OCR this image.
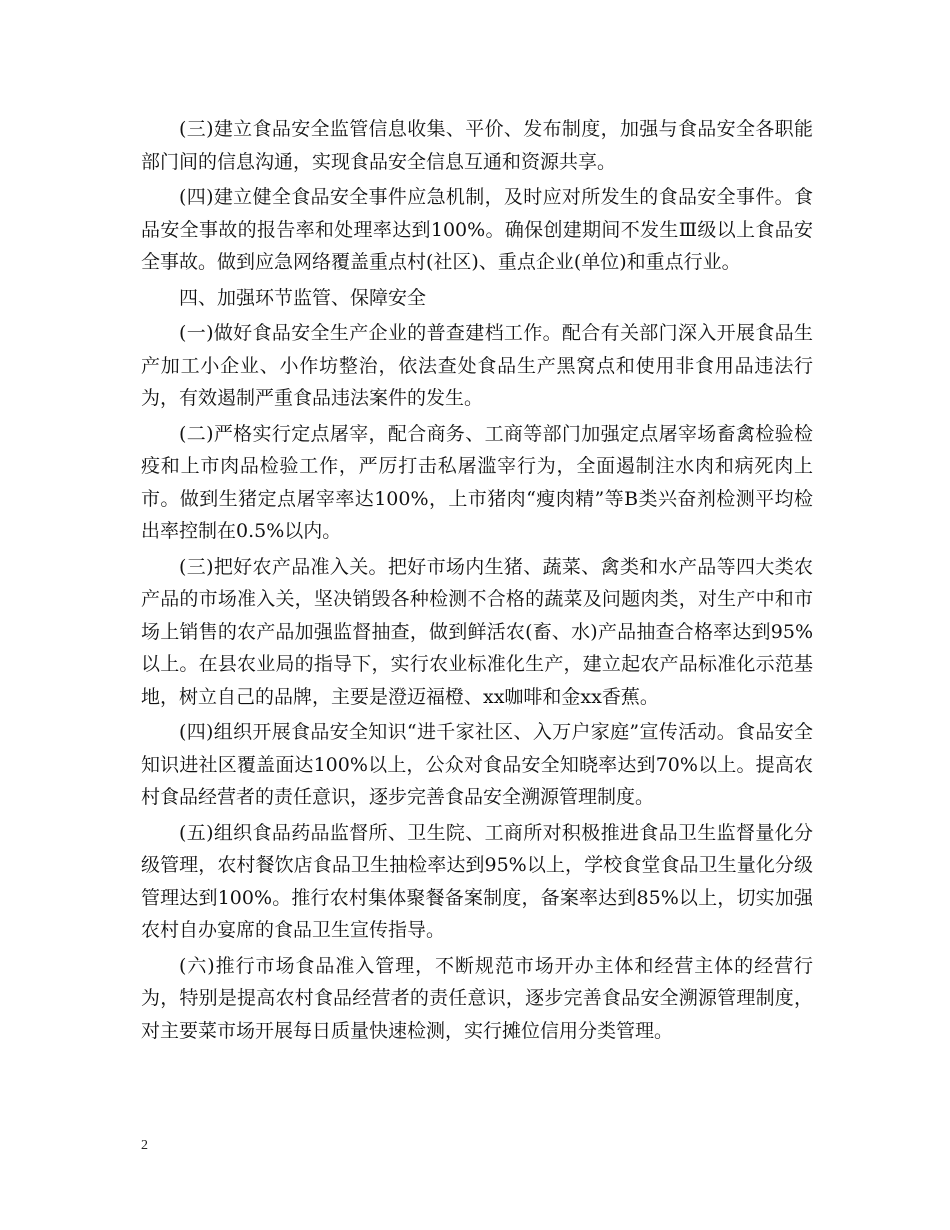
(三)建立食品安全监管信息收集、平价、发布制度，加强与食品安全各职能部门间的信息沟通，实现食品安全信息互通和资源共享。

(四)建立健全食品安全事件应急机制，及时应对所发生的食品安全事件。食品安全事故的报告率和处理率达到100%。确保创建期间不发生Ⅲ级以上食品安全事故。做到应急网络覆盖重点村(社区)、重点企业(单位)和重点行业。

四、加强环节监管、保障安全

(一)做好食品安全生产企业的普查建档工作。配合有关部门深入开展食品生产加工小企业、小作坊整治，依法查处食品生产黑窝点和使用非食用品违法行为，有效遏制严重食品违法案件的发生。

(二)严格实行定点屠宰，配合商务、工商等部门加强定点屠宰场畜禽检验检疫和上市肉品检验工作，严厉打击私屠滥宰行为，全面遏制注水肉和病死肉上市。做到生猪定点屠宰率达100%，上市猪肉“瘦肉精”等B类兴奋剂检测平均检出率控制在0.5%以内。

(三)把好农产品准入关。把好市场内生猪、蔬菜、禽类和水产品等四大类农产品的市场准入关，坚决销毁各种检测不合格的蔬菜及问题肉类，对生产中和市场上销售的农产品加强监督抽查，做到鲜活农(畜、水)产品抽查合格率达到95%以上。在县农业局的指导下，实行农业标准化生产，建立起农产品标准化示范基地，树立自己的品牌，主要是澄迈福橙、xx咖啡和金xx香蕉。

(四)组织开展食品安全知识“进千家社区、入万户家庭”宣传活动。食品安全知识进社区覆盖面达100%以上，公众对食品安全知晓率达到70%以上。提高农村食品经营者的责任意识，逐步完善食品安全溯源管理制度。

(五)组织食品药品监督所、卫生院、工商所对积极推进食品卫生监督量化分级管理，农村餐饮店食品卫生抽检率达到95%以上，学校食堂食品卫生量化分级管理达到100%。推行农村集体聚餐备案制度，备案率达到85%以上，切实加强农村自办宴席的食品卫生宣传指导。

(六)推行市场食品准入管理，不断规范市场开办主体和经营主体的经营行为，特别是提高农村食品经营者的责任意识，逐步完善食品安全溯源管理制度，对主要菜市场开展每日质量快速检测，实行摊位信用分类管理。

2
